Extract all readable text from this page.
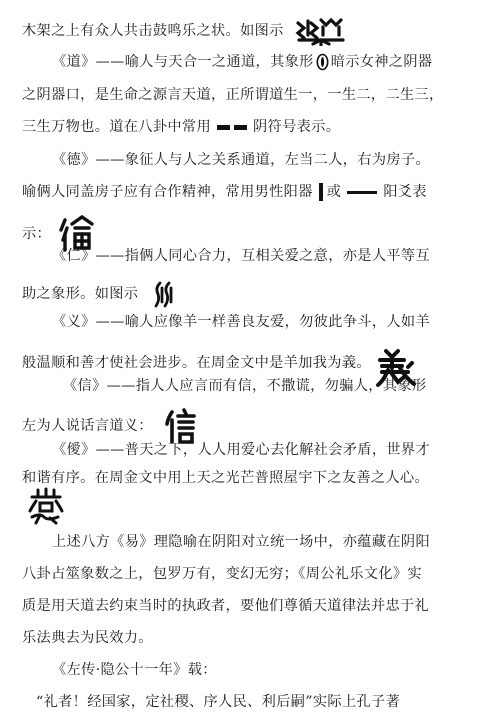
木架之上有众人共击鼓鸣乐之状。如图示
《道》——喻人与天合一之通道，其象形 暗示女神之阴器
之阴器口，是生命之源言天道，正所谓道生一，一生二，二生三，
三生万物也。道在八卦中常用	阴符号表示。
《德》——象征人与人之关系通道，左当二人，右为房子。
喻俩人同盖房子应有合作精神，常用男性阳器 或	阳爻表
示：
《仁》——指俩人同心合力，互相关爱之意，亦是人平等互
助之象形。如图示
《义》——喻人应像羊一样善良友爱，勿彼此争斗，人如羊
般温顺和善才使社会进步。在周金文中是羊加我为義。
《信》——指人人应言而有信，不撒谎，勿骗人，其象形
左为人说话言道义：
《僾》——普天之下，人人用爱心去化解社会矛盾，世界才
和谐有序。在周金文中用上天之光芒普照屋宇下之友善之人心。
上述八方《易》理隐喻在阴阳对立统一场中，亦蕴藏在阴阳
八卦占筮象数之上，包罗万有，变幻无穷；《周公礼乐文化》实
质是用天道去约束当时的执政者，要他们尊循天道律法并忠于礼
乐法典去为民效力。
《左传·隐公十一年》载：
“礼者！经国家，定社稷、序人民、利后嗣”实际上孔子著
